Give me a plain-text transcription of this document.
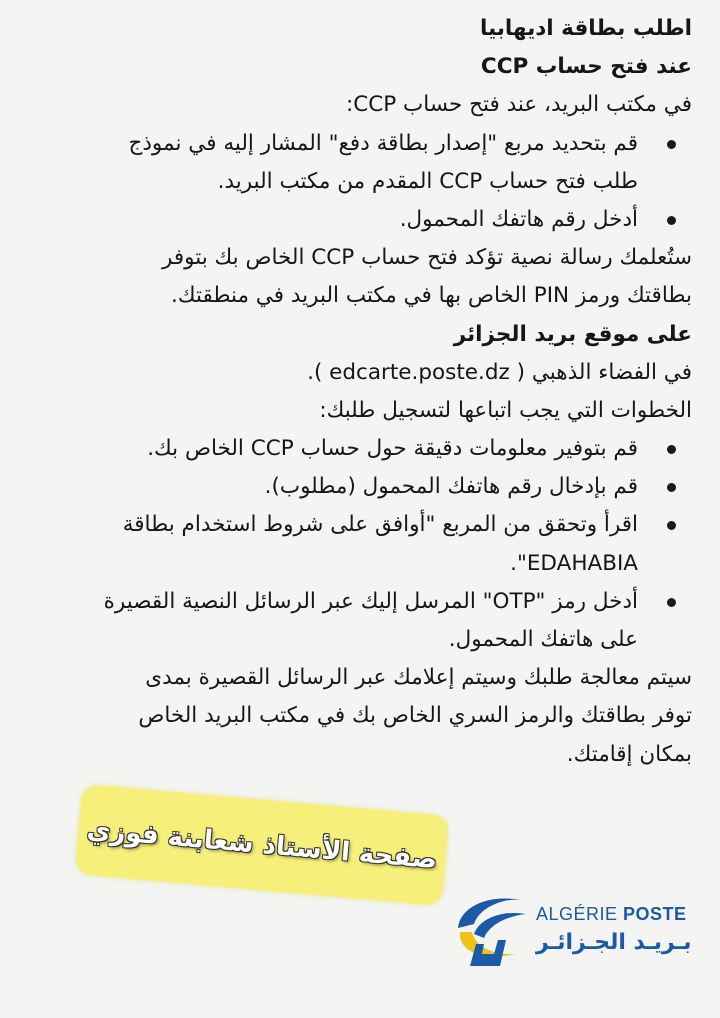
اطلب بطاقة اديهابيا
عند فتح حساب CCP
في مكتب البريد، عند فتح حساب CCP:
قم بتحديد مربع "إصدار بطاقة دفع" المشار إليه في نموذج
طلب فتح حساب CCP المقدم من مكتب البريد.
أدخل رقم هاتفك المحمول.
ستُعلمك رسالة نصية تؤكد فتح حساب CCP الخاص بك بتوفر
بطاقتك ورمز PIN الخاص بها في مكتب البريد في منطقتك.
على موقع بريد الجزائر
في الفضاء الذهبي ( edcarte.poste.dz ).
الخطوات التي يجب اتباعها لتسجيل طلبك:
قم بتوفير معلومات دقيقة حول حساب CCP الخاص بك.
قم بإدخال رقم هاتفك المحمول (مطلوب).
اقرأ وتحقق من المربع "أوافق على شروط استخدام بطاقة
EDAHABIA".
أدخل رمز "OTP" المرسل إليك عبر الرسائل النصية القصيرة
على هاتفك المحمول.
سيتم معالجة طلبك وسيتم إعلامك عبر الرسائل القصيرة بمدى
توفر بطاقتك والرمز السري الخاص بك في مكتب البريد الخاص
بمكان إقامتك.
صفحة الأستاذ شعابنة فوزي
ALGÉRIE POSTE
بـريـد الجـزائـر
